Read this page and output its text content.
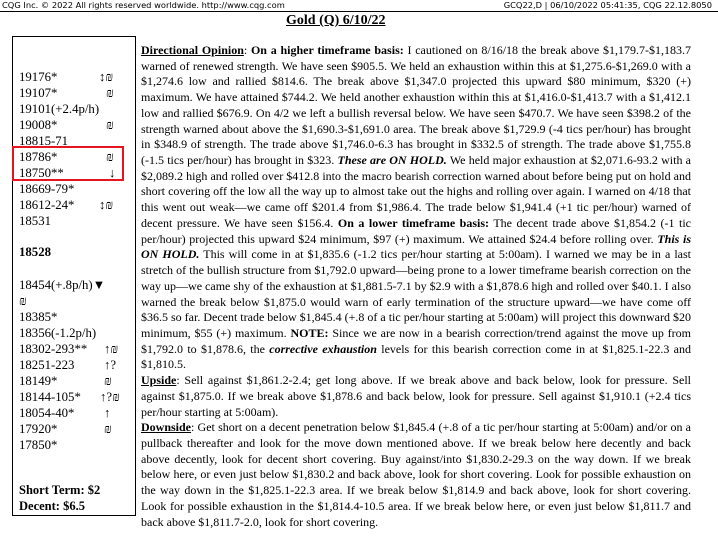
CQG Inc. © 2022 All rights reserved worldwide. http://www.cqg.com	GCQ22,D | 06/10/2022 05:41:35, CQG 22.12.8050
Gold (Q) 6/10/22
19176*	↕₪
19107*	₪
19101(+2.4p/h)
19008*	₪
18815-71
18786*	₪
18750**	↓
18669-79*
18612-24* ↕₪
18531
18528
18454(+.8p/h)▼
₪
18385*
18356(-1.2p/h)
18302-293** ↑₪
18251-223 ↑?
18149*	₪
18144-105* ↑?₪
18054-40* ↑
17920*	₪
17850*
Short Term: $2
Decent: $6.5

Directional Opinion: On a higher timeframe basis: I cautioned on 8/16/18 the break above $1,179.7-$1,183.7 warned of renewed strength. We have seen $905.5. We held an exhaustion within this at $1,275.6-$1,269.0 with a $1,274.6 low and rallied $814.6. The break above $1,347.0 projected this upward $80 minimum, $320 (+) maximum. We have attained $744.2. We held another exhaustion within this at $1,416.0-$1,413.7 with a $1,412.1 low and rallied $676.9. On 4/2 we left a bullish reversal below. We have seen $470.7. We have seen $398.2 of the strength warned about above the $1,690.3-$1,691.0 area. The break above $1,729.9 (-4 tics per/hour) has brought in $348.9 of strength. The trade above $1,746.0-6.3 has brought in $332.5 of strength. The trade above $1,755.8 (-1.5 tics per/hour) has brought in $323. These are ON HOLD. We held major exhaustion at $2,071.6-93.2 with a $2,089.2 high and rolled over $412.8 into the macro bearish correction warned about before being put on hold and short covering off the low all the way up to almost take out the highs and rolling over again. I warned on 4/18 that this went out weak—we came off $201.4 from $1,986.4. The trade below $1,941.4 (+1 tic per/hour) warned of decent pressure. We have seen $156.4. On a lower timeframe basis: The decent trade above $1,854.2 (-1 tic per/hour) projected this upward $24 minimum, $97 (+) maximum. We attained $24.4 before rolling over. This is ON HOLD. This will come in at $1,835.6 (-1.2 tics per/hour starting at 5:00am). I warned we may be in a last stretch of the bullish structure from $1,792.0 upward—being prone to a lower timeframe bearish correction on the way up—we came shy of the exhaustion at $1,881.5-7.1 by $2.9 with a $1,878.6 high and rolled over $40.1. I also warned the break below $1,875.0 would warn of early termination of the structure upward—we have come off $36.5 so far. Decent trade below $1,845.4 (+.8 of a tic per/hour starting at 5:00am) will project this downward $20 minimum, $55 (+) maximum. NOTE: Since we are now in a bearish correction/trend against the move up from $1,792.0 to $1,878.6, the corrective exhaustion levels for this bearish correction come in at $1,825.1-22.3 and $1,810.5.

Upside: Sell against $1,861.2-2.4; get long above. If we break above and back below, look for pressure. Sell against $1,875.0. If we break above $1,878.6 and back below, look for pressure. Sell against $1,910.1 (+2.4 tics per/hour starting at 5:00am).

Downside: Get short on a decent penetration below $1,845.4 (+.8 of a tic per/hour starting at 5:00am) and/or on a pullback thereafter and look for the move down mentioned above. If we break below here decently and back above decently, look for decent short covering. Buy against/into $1,830.2-29.3 on the way down. If we break below here, or even just below $1,830.2 and back above, look for short covering. Look for possible exhaustion on the way down in the $1,825.1-22.3 area. If we break below $1,814.9 and back above, look for short covering. Look for possible exhaustion in the $1,814.4-10.5 area. If we break below here, or even just below $1,811.7 and back above $1,811.7-2.0, look for short covering.
